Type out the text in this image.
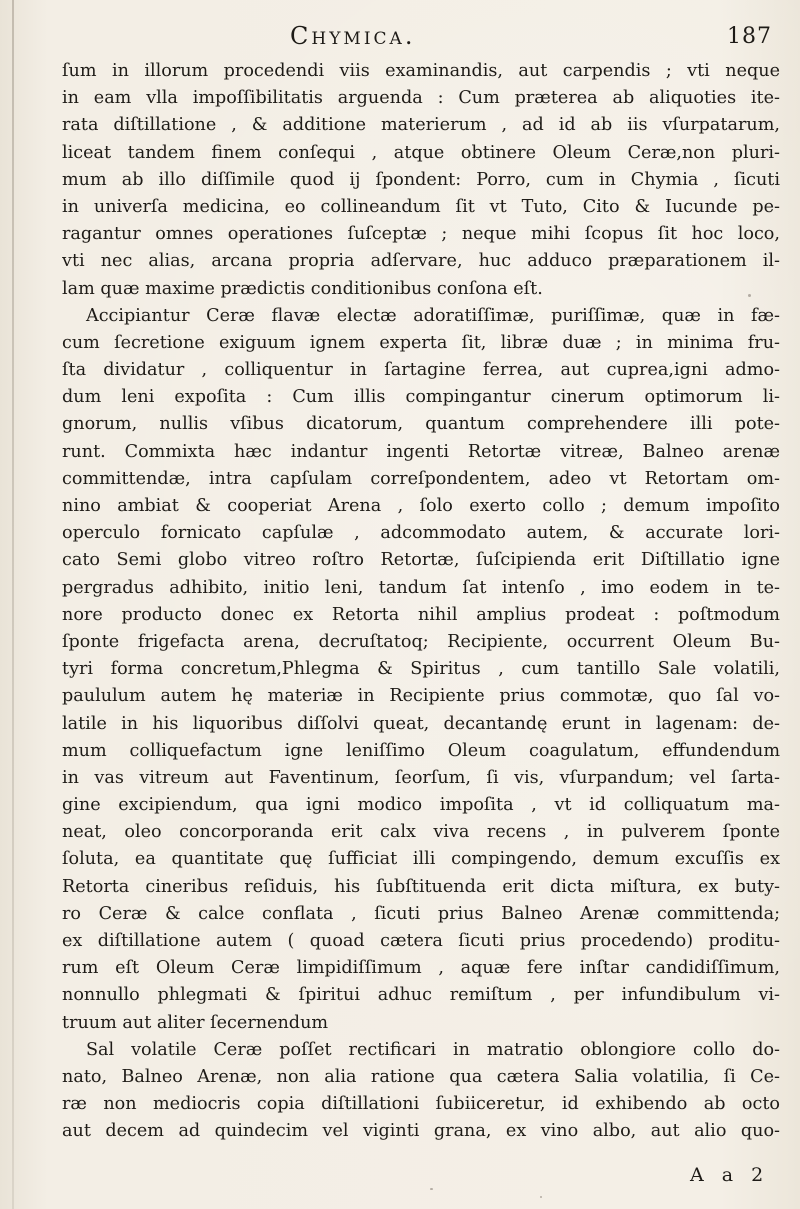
Chymica.	187
ſum in illorum procedendi viis examinandis, aut carpendis ; vti neque
in eam vlla impoſſibilitatis arguenda : Cum præterea ab aliquoties ite-
rata diſtillatione , & additione materierum , ad id ab iis vſurpatarum,
liceat tandem finem conſequi , atque obtinere Oleum Ceræ,non pluri-
mum ab illo diſſimile quod ij ſpondent: Porro, cum in Chymia , ſicuti
in univerſa medicina, eo collineandum ſit vt Tuto, Cito & Iucunde pe-
ragantur omnes operationes ſuſceptæ ; neque mihi ſcopus ſit hoc loco,
vti nec alias, arcana propria adſervare, huc adduco præparationem il-
lam quæ maxime prædictis conditionibus conſona eſt.
Accipiantur Ceræ flavæ electæ adoratiſſimæ, puriſſimæ, quæ in fæ-
cum ſecretione exiguum ignem experta ſit, libræ duæ ; in minima fru-
ſta dividatur , colliquentur in ſartagine ferrea, aut cuprea,igni admo-
dum leni expoſita : Cum illis compingantur cinerum optimorum li-
gnorum, nullis vſibus dicatorum, quantum comprehendere illi pote-
runt. Commixta hæc indantur ingenti Retortæ vitreæ, Balneo arenæ
committendæ, intra capſulam correſpondentem, adeo vt Retortam om-
nino ambiat & cooperiat Arena , ſolo exerto collo ; demum impoſito
operculo fornicato capſulæ , adcommodato autem, & accurate lori-
cato Semi globo vitreo roſtro Retortæ, ſuſcipienda erit Diſtillatio igne
pergradus adhibito, initio leni, tandum ſat intenſo , imo eodem in te-
nore producto donec ex Retorta nihil amplius prodeat : poſtmodum
ſponte frigefacta arena, decruſtatoq; Recipiente, occurrent Oleum Bu-
tyri forma concretum,Phlegma & Spiritus , cum tantillo Sale volatili,
paululum autem hę materiæ in Recipiente prius commotæ, quo ſal vo-
latile in his liquoribus diſſolvi queat, decantandę erunt in lagenam: de-
mum colliquefactum igne leniſſimo Oleum coagulatum, effundendum
in vas vitreum aut Faventinum, ſeorſum, ſi vis, vſurpandum; vel ſarta-
gine excipiendum, qua igni modico impoſita , vt id colliquatum ma-
neat, oleo concorporanda erit calx viva recens , in pulverem ſponte
ſoluta, ea quantitate quę ſufficiat illi compingendo, demum excuſſis ex
Retorta cineribus reſiduis, his ſubſtituenda erit dicta miſtura, ex buty-
ro Ceræ & calce conflata , ſicuti prius Balneo Arenæ committenda;
ex diſtillatione autem ( quoad cætera ſicuti prius procedendo) proditu-
rum eſt Oleum Ceræ limpidiſſimum , aquæ fere inſtar candidiſſimum,
nonnullo phlegmati & ſpiritui adhuc remiſtum , per infundibulum vi-
truum aut aliter ſecernendum
Sal volatile Ceræ poſſet rectificari in matratio oblongiore collo do-
nato, Balneo Arenæ, non alia ratione qua cætera Salia volatilia, ſi Ce-
ræ non mediocris copia diſtillationi ſubiiceretur, id exhibendo ab octo
aut decem ad quindecim vel viginti grana, ex vino albo, aut alio quo-
A a 2
